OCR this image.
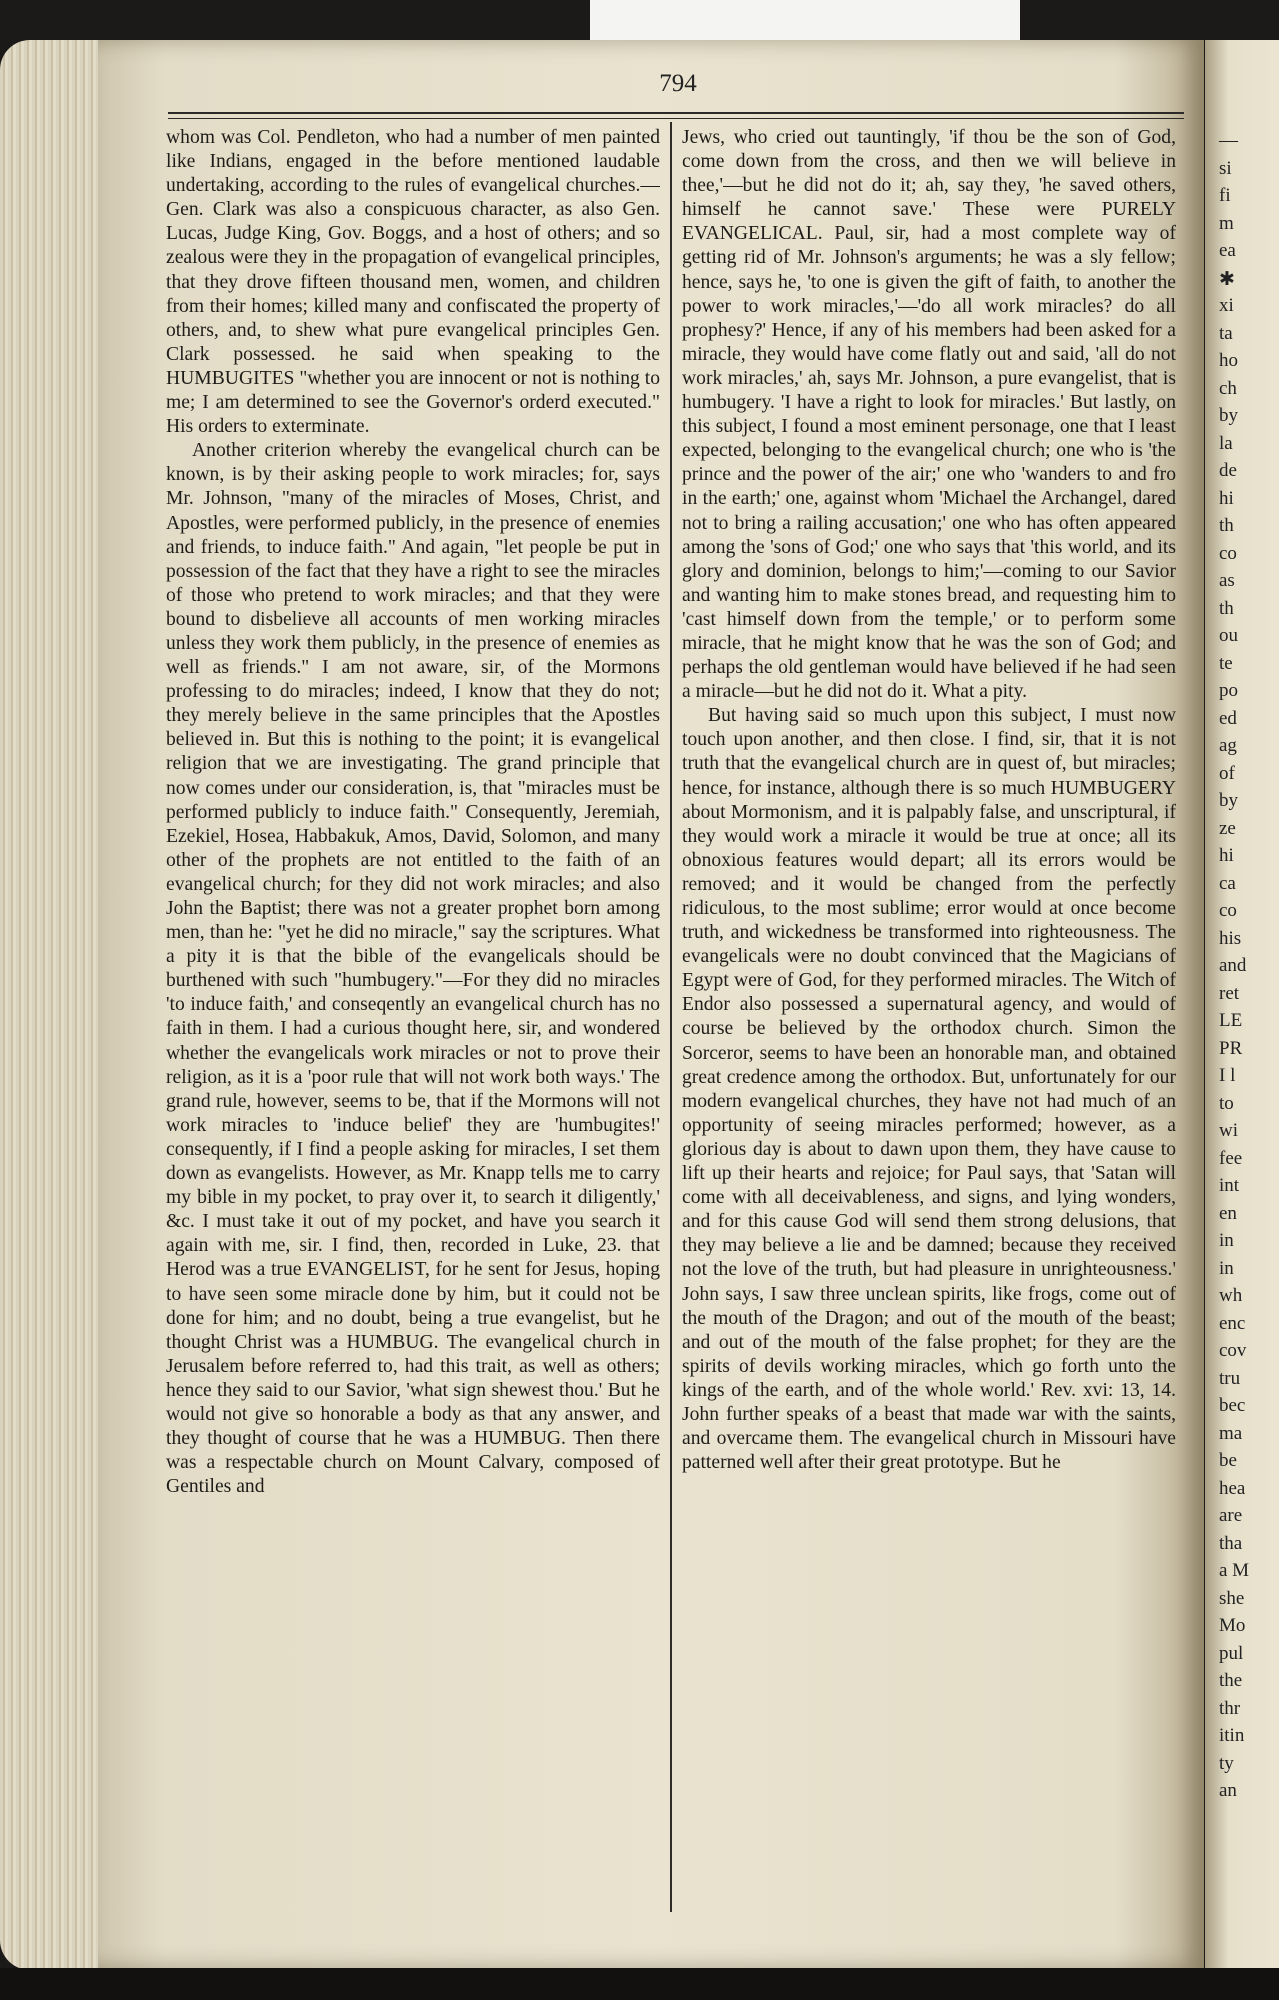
794

whom was Col. Pendleton, who had a number of men painted like Indians, engaged in the before mentioned laudable undertaking, according to the rules of evangelical churches.—Gen. Clark was also a conspicuous character, as also Gen. Lucas, Judge King, Gov. Boggs, and a host of others; and so zealous were they in the propagation of evangelical principles, that they drove fifteen thousand men, women, and children from their homes; killed many and confiscated the property of others, and, to shew what pure evangelical principles Gen. Clark possessed. he said when speaking to the HUMBUGITES "whether you are innocent or not is nothing to me; I am determined to see the Governor's orderd executed." His orders to exterminate.

Another criterion whereby the evangelical church can be known, is by their asking people to work miracles; for, says Mr. Johnson, "many of the miracles of Moses, Christ, and Apostles, were performed publicly, in the presence of enemies and friends, to induce faith." And again, "let people be put in possession of the fact that they have a right to see the miracles of those who pretend to work miracles; and that they were bound to disbelieve all accounts of men working miracles unless they work them publicly, in the presence of enemies as well as friends." I am not aware, sir, of the Mormons professing to do miracles; indeed, I know that they do not; they merely believe in the same principles that the Apostles believed in. But this is nothing to the point; it is evangelical religion that we are investigating. The grand principle that now comes under our consideration, is, that "miracles must be performed publicly to induce faith." Consequently, Jeremiah, Ezekiel, Hosea, Habbakuk, Amos, David, Solomon, and many other of the prophets are not entitled to the faith of an evangelical church; for they did not work miracles; and also John the Baptist; there was not a greater prophet born among men, than he: "yet he did no miracle," say the scriptures. What a pity it is that the bible of the evangelicals should be burthened with such "humbugery."—For they did no miracles 'to induce faith,' and conseqently an evangelical church has no faith in them. I had a curious thought here, sir, and wondered whether the evangelicals work miracles or not to prove their religion, as it is a 'poor rule that will not work both ways.' The grand rule, however, seems to be, that if the Mormons will not work miracles to 'induce belief' they are 'humbugites!' consequently, if I find a people asking for miracles, I set them down as evangelists. However, as Mr. Knapp tells me to carry my bible in my pocket, to pray over it, to search it diligently,' &c. I must take it out of my pocket, and have you search it again with me, sir. I find, then, recorded in Luke, 23. that Herod was a true EVANGELIST, for he sent for Jesus, hoping to have seen some miracle done by him, but it could not be done for him; and no doubt, being a true evangelist, but he thought Christ was a HUMBUG. The evangelical church in Jerusalem before referred to, had this trait, as well as others; hence they said to our Savior, 'what sign shewest thou.' But he would not give so honorable a body as that any answer, and they thought of course that he was a HUMBUG. Then there was a respectable church on Mount Calvary, composed of Gentiles and

Jews, who cried out tauntingly, 'if thou be the son of God, come down from the cross, and then we will believe in thee,'—but he did not do it; ah, say they, 'he saved others, himself he cannot save.' These were PURELY EVANGELICAL. Paul, sir, had a most complete way of getting rid of Mr. Johnson's arguments; he was a sly fellow; hence, says he, 'to one is given the gift of faith, to another the power to work miracles,'—'do all work miracles? do all prophesy?' Hence, if any of his members had been asked for a miracle, they would have come flatly out and said, 'all do not work miracles,' ah, says Mr. Johnson, a pure evangelist, that is humbugery. 'I have a right to look for miracles.' But lastly, on this subject, I found a most eminent personage, one that I least expected, belonging to the evangelical church; one who is 'the prince and the power of the air;' one who 'wanders to and fro in the earth;' one, against whom 'Michael the Archangel, dared not to bring a railing accusation;' one who has often appeared among the 'sons of God;' one who says that 'this world, and its glory and dominion, belongs to him;'—coming to our Savior and wanting him to make stones bread, and requesting him to 'cast himself down from the temple,' or to perform some miracle, that he might know that he was the son of God; and perhaps the old gentleman would have believed if he had seen a miracle—but he did not do it. What a pity.

But having said so much upon this subject, I must now touch upon another, and then close. I find, sir, that it is not truth that the evangelical church are in quest of, but miracles; hence, for instance, although there is so much HUMBUGERY about Mormonism, and it is palpably false, and unscriptural, if they would work a miracle it would be true at once; all its obnoxious features would depart; all its errors would be removed; and it would be changed from the perfectly ridiculous, to the most sublime; error would at once become truth, and wickedness be transformed into righteousness. The evangelicals were no doubt convinced that the Magicians of Egypt were of God, for they performed miracles. The Witch of Endor also possessed a supernatural agency, and would of course be believed by the orthodox church. Simon the Sorceror, seems to have been an honorable man, and obtained great credence among the orthodox. But, unfortunately for our modern evangelical churches, they have not had much of an opportunity of seeing miracles performed; however, as a glorious day is about to dawn upon them, they have cause to lift up their hearts and rejoice; for Paul says, that 'Satan will come with all deceivableness, and signs, and lying wonders, and for this cause God will send them strong delusions, that they may believe a lie and be damned; because they received not the love of the truth, but had pleasure in unrighteousness.' John says, I saw three unclean spirits, like frogs, come out of the mouth of the Dragon; and out of the mouth of the beast; and out of the mouth of the false prophet; for they are the spirits of devils working miracles, which go forth unto the kings of the earth, and of the whole world.' Rev. xvi: 13, 14. John further speaks of a beast that made war with the saints, and overcame them. The evangelical church in Missouri have patterned well after their great prototype. But he

—
si
fi
m
ea
✱
xi
ta
ho
ch
by
la
de
hi
th
co
as
th
ou
te
po
ed
ag
of
by
ze
hi
ca
co
his
and
ret
LE
PR
I l
to
wi
fee
int
en
in
in
wh
enc
cov
tru
bec
ma
be
hea
are
tha
a M
she
Mo
pul
the
thr
itin
ty
an
